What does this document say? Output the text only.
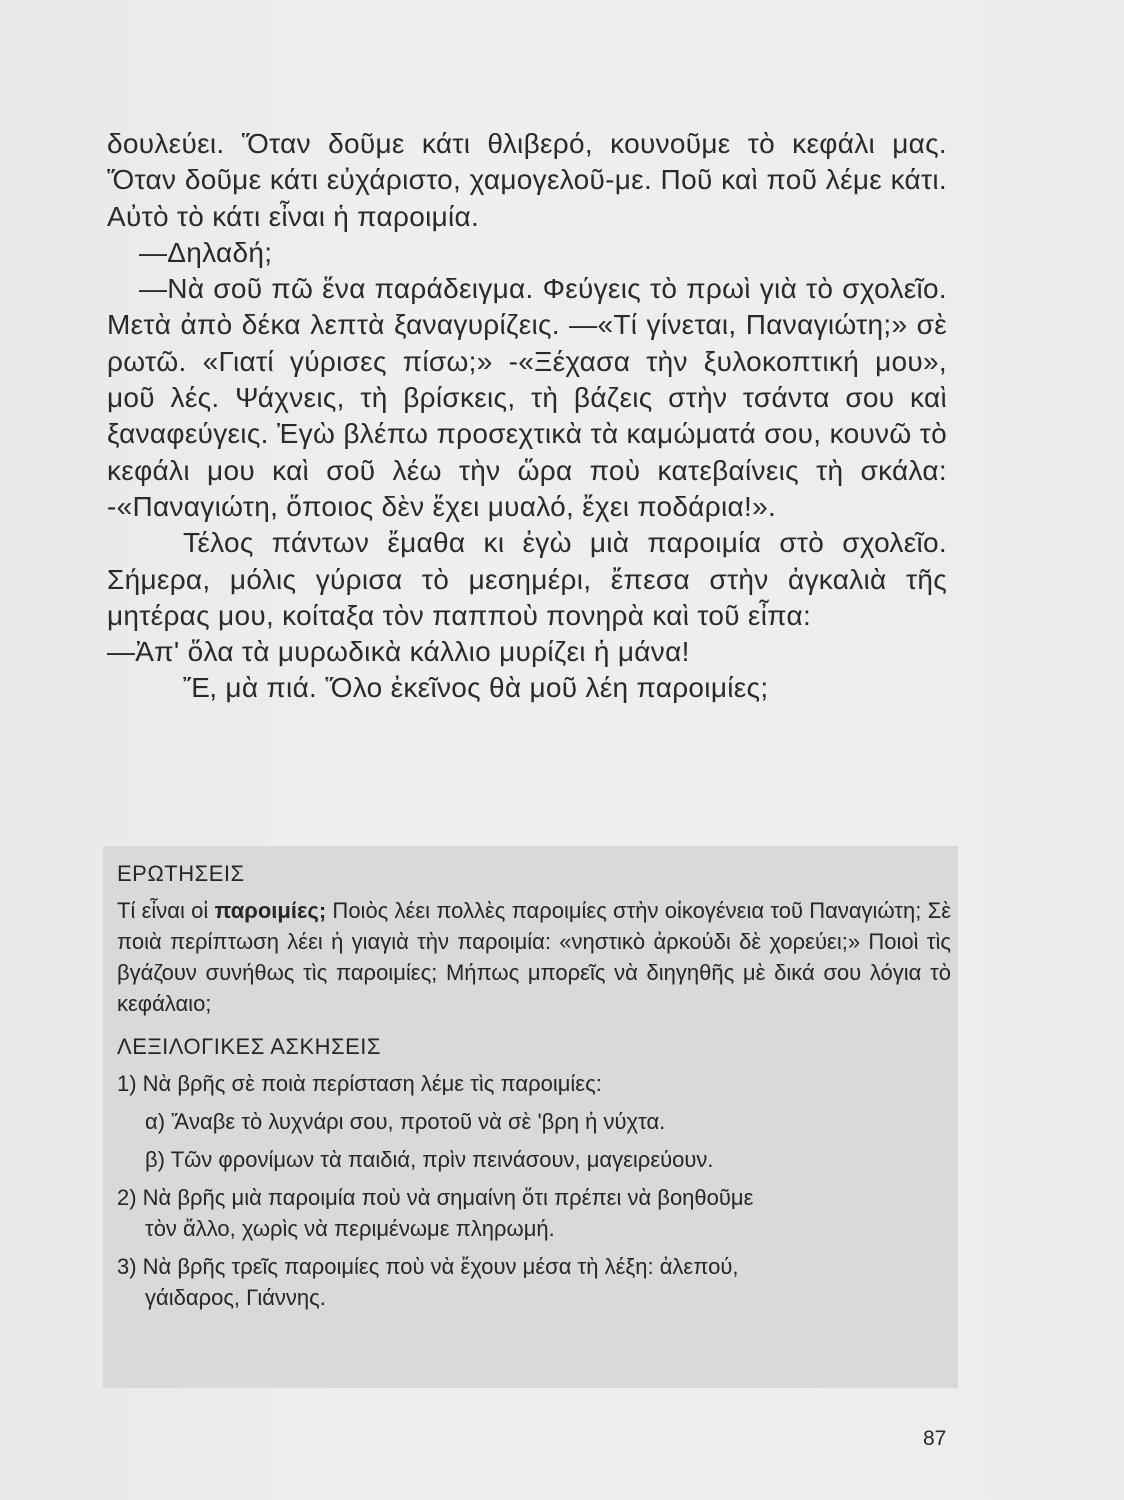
δουλεύει. Ὅταν δοῦμε κάτι θλιβερό, κουνοῦμε τὸ κεφάλι μας. Ὅταν δοῦμε κάτι εὐχάριστο, χαμογελοῦ-με. Ποῦ καὶ ποῦ λέμε κάτι. Αὐτὸ τὸ κάτι εἶναι ἡ παροιμία.

—Δηλαδή;

—Νὰ σοῦ πῶ ἕνα παράδειγμα. Φεύγεις τὸ πρωὶ γιὰ τὸ σχολεῖο. Μετὰ ἀπὸ δέκα λεπτὰ ξαναγυρίζεις. —«Τί γίνεται, Παναγιώτη;» σὲ ρωτῶ. «Γιατί γύρισες πίσω;» -«Ξέχασα τὴν ξυλοκοπτική μου», μοῦ λές. Ψάχνεις, τὴ βρίσκεις, τὴ βάζεις στὴν τσάντα σου καὶ ξαναφεύγεις. Ἐγὼ βλέπω προσεχτικὰ τὰ καμώματά σου, κουνῶ τὸ κεφάλι μου καὶ σοῦ λέω τὴν ὥρα ποὺ κατεβαίνεις τὴ σκάλα: -«Παναγιώτη, ὅποιος δὲν ἔχει μυαλό, ἔχει ποδάρια!».

Τέλος πάντων ἔμαθα κι ἐγὼ μιὰ παροιμία στὸ σχολεῖο. Σήμερα, μόλις γύρισα τὸ μεσημέρι, ἔπεσα στὴν ἀγκαλιὰ τῆς μητέρας μου, κοίταξα τὸν παπποὺ πονηρὰ καὶ τοῦ εἶπα:

—Ἀπ' ὅλα τὰ μυρωδικὰ κάλλιο μυρίζει ἡ μάνα!

Ἔ, μὰ πιά. Ὅλο ἐκεῖνος θὰ μοῦ λέη παροιμίες;

ΕΡΩΤΗΣΕΙΣ

Τί εἶναι οἱ παροιμίες; Ποιὸς λέει πολλὲς παροιμίες στὴν οἰκογένεια τοῦ Παναγιώτη; Σὲ ποιὰ περίπτωση λέει ἡ γιαγιὰ τὴν παροιμία: «νηστικὸ ἀρκούδι δὲ χορεύει;» Ποιοὶ τὶς βγάζουν συνήθως τὶς παροιμίες; Μήπως μπορεῖς νὰ διηγηθῆς μὲ δικά σου λόγια τὸ κεφάλαιο;

ΛΕΞΙΛΟΓΙΚΕΣ ΑΣΚΗΣΕΙΣ

1) Νὰ βρῆς σὲ ποιὰ περίσταση λέμε τὶς παροιμίες:

α) Ἄναβε τὸ λυχνάρι σου, προτοῦ νὰ σὲ 'βρη ἡ νύχτα.

β) Τῶν φρονίμων τὰ παιδιά, πρὶν πεινάσουν, μαγειρεύουν.

2) Νὰ βρῆς μιὰ παροιμία ποὺ νὰ σημαίνη ὅτι πρέπει νὰ βοηθοῦμε

τὸν ἄλλο, χωρὶς νὰ περιμένωμε πληρωμή.

3) Νὰ βρῆς τρεῖς παροιμίες ποὺ νὰ ἔχουν μέσα τὴ λέξη: ἀλεπού,

γάιδαρος, Γιάννης.

87
